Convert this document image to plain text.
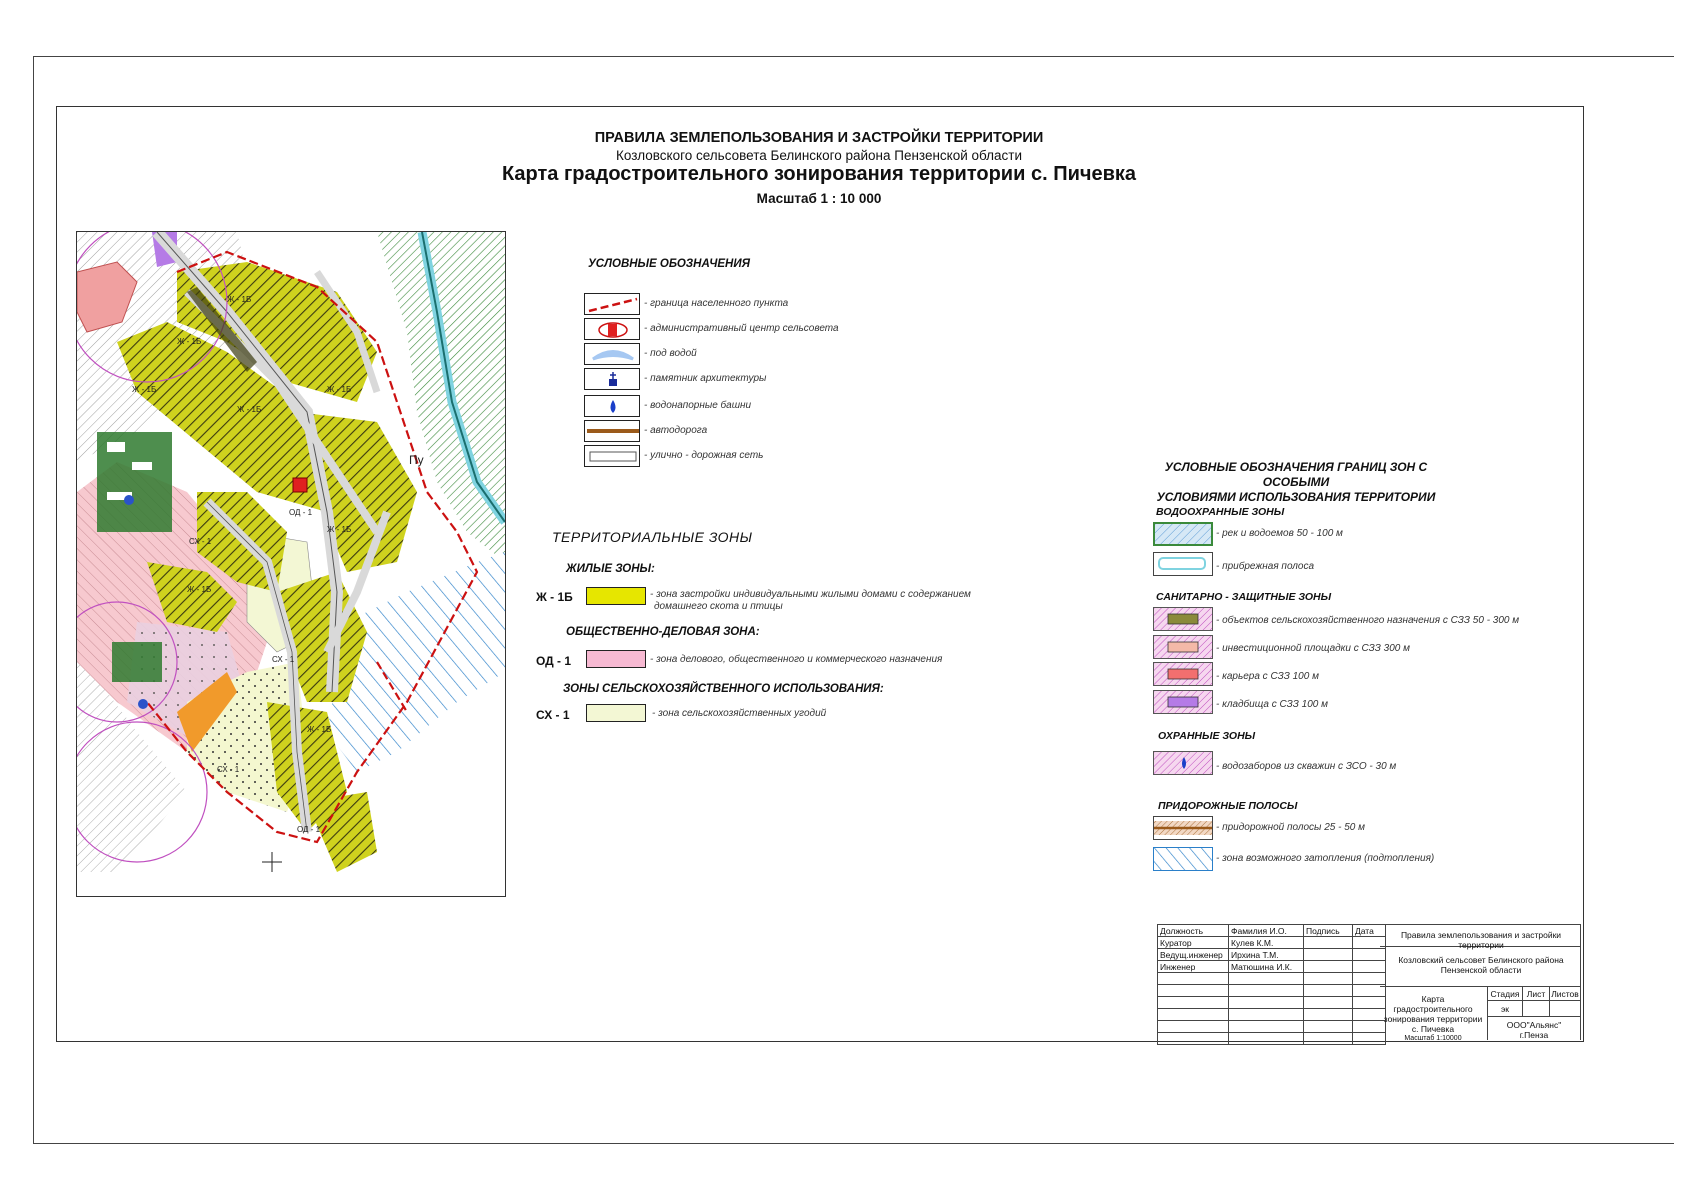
ПРАВИЛА ЗЕМЛЕПОЛЬЗОВАНИЯ И ЗАСТРОЙКИ ТЕРРИТОРИИ
Козловского сельсовета Белинского района Пензенской области
Карта градостроительного зонирования территории с. Пичевка
Масштаб 1 : 10 000
Ж - 1Б
Ж - 1Б
Ж - 1Б
Ж - 1Б
Ж - 1Б
Ж - 1Б
Ж - 1Б
Ж - 1Б
СХ - 1
СХ - 1
СХ - 1
ОД - 1
ОД - 1
Пу
УСЛОВНЫЕ ОБОЗНАЧЕНИЯ
- граница населенного пункта
- административный центр сельсовета
- под водой
- памятник архитектуры
- водонапорные башни
- автодорога
- улично - дорожная сеть
ТЕРРИТОРИАЛЬНЫЕ ЗОНЫ
ЖИЛЫЕ ЗОНЫ:
Ж - 1Б	- зона застройки индивидуальными жилыми домами с содержанием
домашнего скота и птицы
ОБЩЕСТВЕННО-ДЕЛОВАЯ ЗОНА:
ОД - 1	- зона делового, общественного и коммерческого назначения
ЗОНЫ СЕЛЬСКОХОЗЯЙСТВЕННОГО ИСПОЛЬЗОВАНИЯ:
СХ - 1	- зона сельскохозяйственных угодий
УСЛОВНЫЕ ОБОЗНАЧЕНИЯ ГРАНИЦ ЗОН С ОСОБЫМИ
УСЛОВИЯМИ ИСПОЛЬЗОВАНИЯ ТЕРРИТОРИИ
ВОДООХРАННЫЕ ЗОНЫ
- рек и водоемов 50 - 100 м
- прибрежная полоса
САНИТАРНО - ЗАЩИТНЫЕ ЗОНЫ
- объектов сельскохозяйственного назначения с СЗЗ 50 - 300 м
- инвестиционной площадки с СЗЗ 300 м
- карьера с СЗЗ 100 м
- кладбища с СЗЗ 100 м
ОХРАННЫЕ ЗОНЫ
- водозаборов из скважин с ЗСО - 30 м
ПРИДОРОЖНЫЕ ПОЛОСЫ
- придорожной полосы 25 - 50 м
- зона возможного затопления (подтопления)
Должность	Фамилия И.О.	Подпись	Дата
Куратор	Кулев К.М.		
Ведущ.инженер	Ирхина Т.М.		
Инженер	Матюшина И.К.		

Правила землепользования и застройки территории
Козловский сельсовет Белинского района
Пензенской области
Карта
градостроительного
зонирования территории
с. Пичевка
Масштаб 1:10000
Стадия Лист Листов
эк
ООО"Альянс"
г.Пенза
